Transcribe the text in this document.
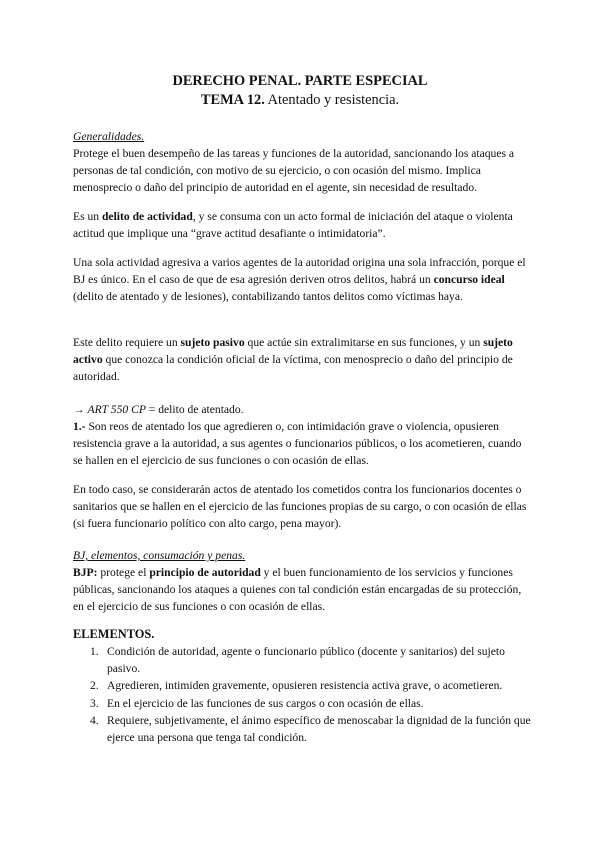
DERECHO PENAL. PARTE ESPECIAL
TEMA 12. Atentado y resistencia.
Generalidades.
Protege el buen desempeño de las tareas y funciones de la autoridad, sancionando los ataques a personas de tal condición, con motivo de su ejercicio, o con ocasión del mismo. Implica menosprecio o daño del principio de autoridad en el agente, sin necesidad de resultado.
Es un delito de actividad, y se consuma con un acto formal de iniciación del ataque o violenta actitud que implique una “grave actitud desafiante o intimidatoria”.
Una sola actividad agresiva a varios agentes de la autoridad origina una sola infracción, porque el BJ es único. En el caso de que de esa agresión deriven otros delitos, habrá un concurso ideal (delito de atentado y de lesiones), contabilizando tantos delitos como víctimas haya.
Este delito requiere un sujeto pasivo que actúe sin extralimitarse en sus funciones, y un sujeto activo que conozca la condición oficial de la víctima, con menosprecio o daño del principio de autoridad.
→ ART 550 CP = delito de atentado.
1.- Son reos de atentado los que agredieren o, con intimidación grave o violencia, opusieren resistencia grave a la autoridad, a sus agentes o funcionarios públicos, o los acometieren, cuando se hallen en el ejercicio de sus funciones o con ocasión de ellas.
En todo caso, se considerarán actos de atentado los cometidos contra los funcionarios docentes o sanitarios que se hallen en el ejercicio de las funciones propias de su cargo, o con ocasión de ellas (si fuera funcionario político con alto cargo, pena mayor).
BJ, elementos, consumación y penas.
BJP: protege el principio de autoridad y el buen funcionamiento de los servicios y funciones públicas, sancionando los ataques a quienes con tal condición están encargadas de su protección, en el ejercicio de sus funciones o con ocasión de ellas.
ELEMENTOS.
1. Condición de autoridad, agente o funcionario público (docente y sanitarios) del sujeto pasivo.
2. Agredieren, intimiden gravemente, opusieren resistencia activa grave, o acometieren.
3. En el ejercicio de las funciones de sus cargos o con ocasión de ellas.
4. Requiere, subjetivamente, el ánimo específico de menoscabar la dignidad de la función que ejerce una persona que tenga tal condición.
